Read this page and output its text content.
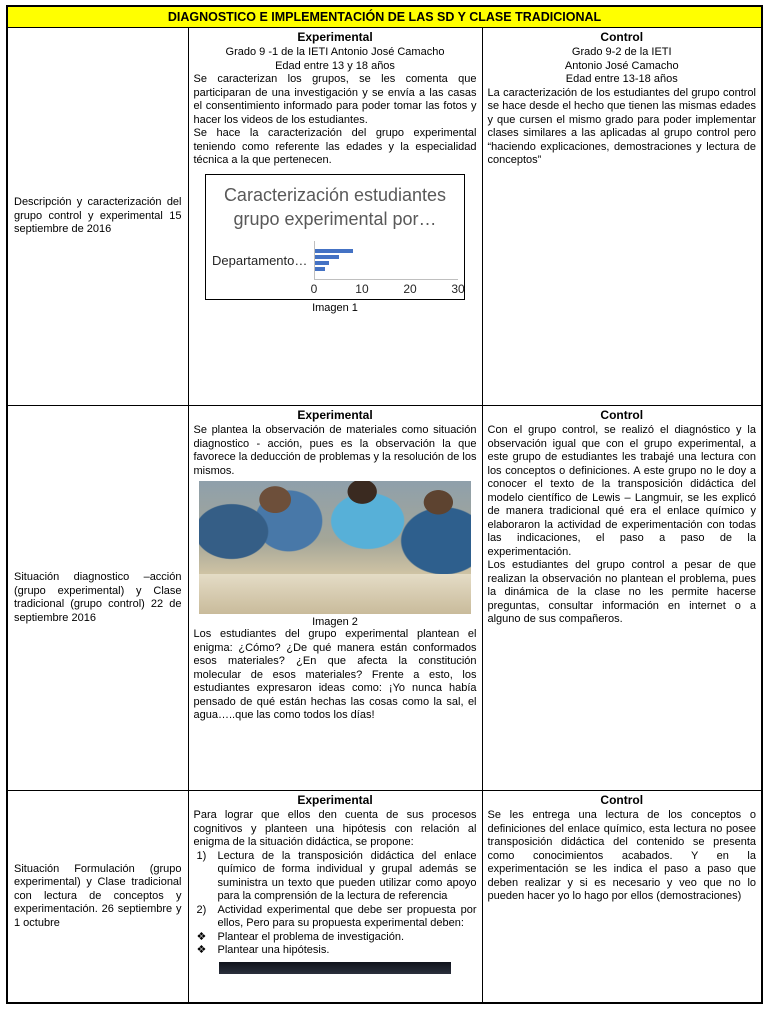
DIAGNOSTICO E IMPLEMENTACIÓN DE LAS SD Y CLASE TRADICIONAL		
Descripción y caracterización del grupo control y experimental 15 septiembre de 2016	
Experimental
Grado 9 -1 de la IETI Antonio José Camacho
Edad entre 13 y 18 años

Se caracterizan los grupos, se les comenta que participaran de una investigación y se envía a las casas el consentimiento informado para poder tomar las fotos y hacer los videos de los estudiantes.

Se hace la caracterización del grupo experimental teniendo como referente las edades y la especialidad técnica a la que pertenecen.

Caracterización estudiantes grupo experimental por…
Departamento…
0	10	20	30
Imagen 1

Control
Grado 9-2 de la IETI
Antonio José Camacho
Edad entre 13-18 años

La caracterización de los estudiantes del grupo control se hace desde el hecho que tienen las mismas edades y que cursen el mismo grado para poder implementar clases similares a las aplicadas al grupo control pero “haciendo explicaciones, demostraciones y lectura de conceptos”

Situación diagnostico –acción (grupo experimental) y Clase tradicional (grupo control) 22 de septiembre 2016	
Experimental

Se plantea la observación de materiales como situación diagnostico - acción, pues es la observación la que favorece la deducción de problemas y la resolución de los mismos.

Imagen 2

Los estudiantes del grupo experimental plantean el enigma: ¿Cómo? ¿De qué manera están conformados esos materiales? ¿En que afecta la constitución molecular de esos materiales? Frente a esto, los estudiantes expresaron ideas como: ¡Yo nunca había pensado de qué están hechas las cosas como la sal, el agua…..que las como todos los días!

Control

Con el grupo control, se realizó el diagnóstico y la observación igual que con el grupo experimental, a este grupo de estudiantes les trabajé una lectura con los conceptos o definiciones. A este grupo no le doy a conocer el texto de la transposición didáctica del modelo científico de Lewis – Langmuir, se les explicó de manera tradicional qué era el enlace químico y elaboraron la actividad de experimentación con todas las indicaciones, el paso a paso de la experimentación.

Los estudiantes del grupo control a pesar de que realizan la observación no plantean el problema, pues la dinámica de la clase no les permite hacerse preguntas, consultar información en internet o a alguno de sus compañeros.

Situación Formulación (grupo experimental) y Clase tradicional con lectura de conceptos y experimentación. 26 septiembre y 1 octubre	
Experimental

Para lograr que ellos den cuenta de sus procesos cognitivos y planteen una hipótesis con relación al enigma de la situación didáctica, se propone:

1)	Lectura de la transposición didáctica del enlace químico de forma individual y grupal además se suministra un texto que pueden utilizar como apoyo para la comprensión de la lectura de referencia
2)	Actividad experimental que debe ser propuesta por ellos, Pero para su propuesta experimental deben:
❖	Plantear el problema de investigación.
❖	Plantear una hipótesis.

Control

Se les entrega una lectura de los conceptos o definiciones del enlace químico, esta lectura no posee transposición didáctica del contenido se presenta como conocimientos acabados. Y en la experimentación se les indica el paso a paso que deben realizar y si es necesario y veo que no lo pueden hacer yo lo hago por ellos (demostraciones)
